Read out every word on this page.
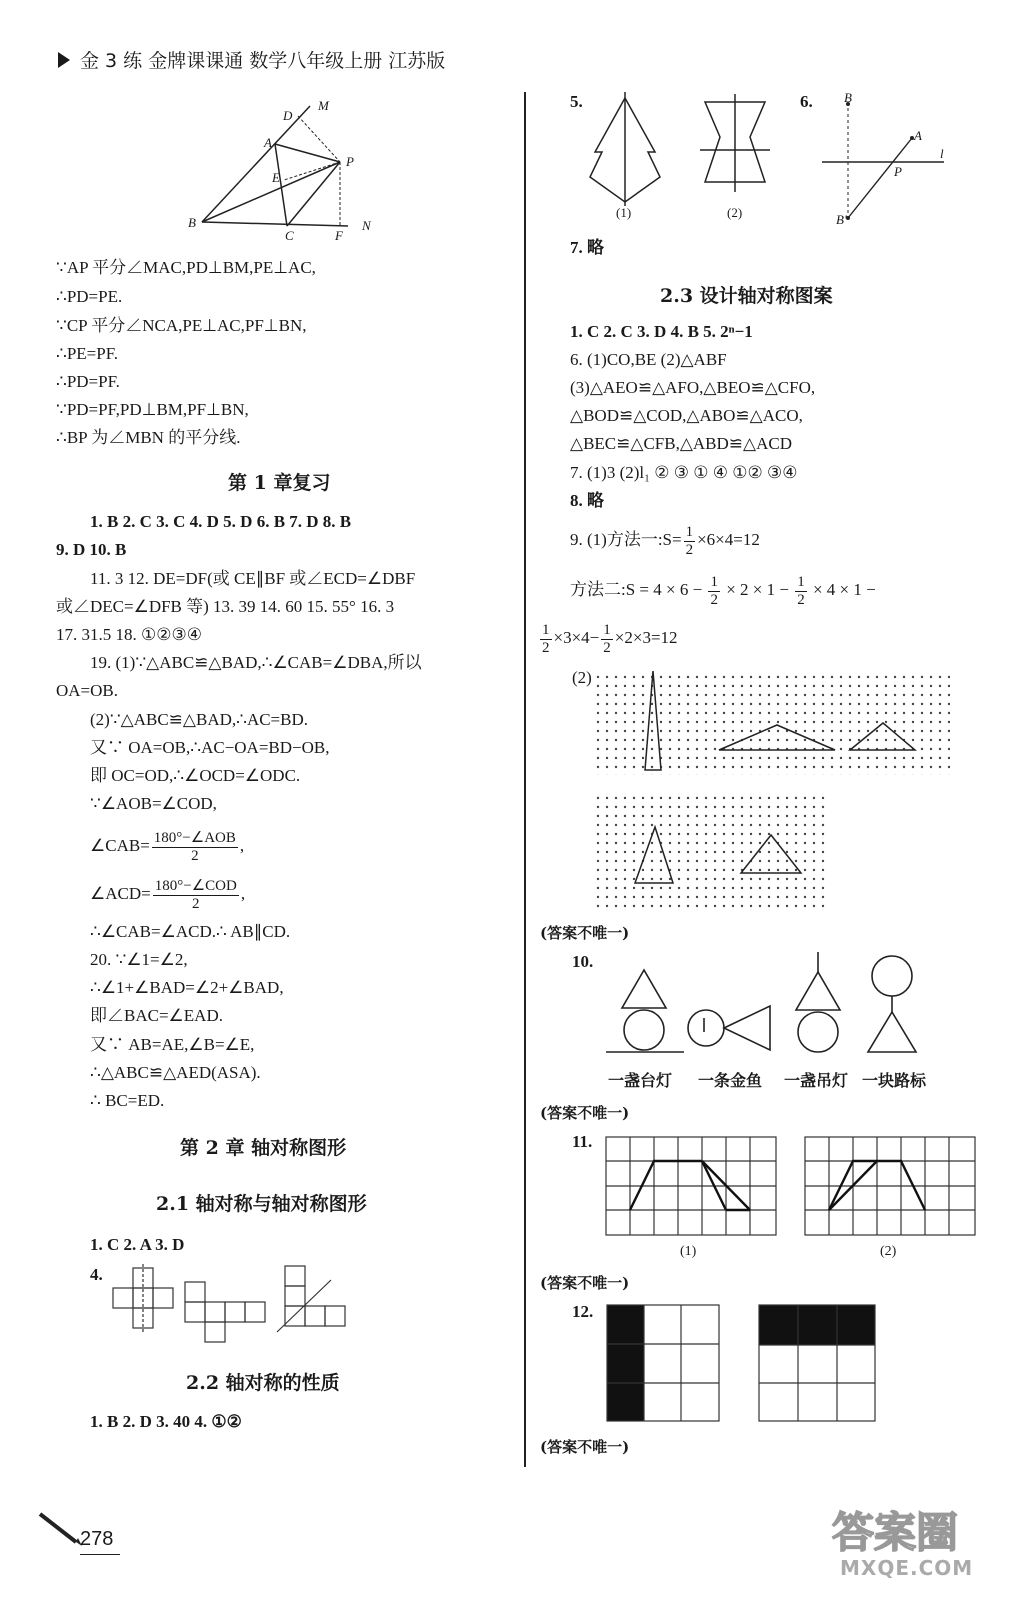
金 3 练 金牌课课通 数学八年级上册 江苏版
D
M
A
P
E
B
C	F
N
∵AP 平分∠MAC,PD⊥BM,PE⊥AC,
∴PD=PE.
∵CP 平分∠NCA,PE⊥AC,PF⊥BN,
∴PE=PF.
∴PD=PF.
∵PD=PF,PD⊥BM,PF⊥BN,
∴BP 为∠MBN 的平分线.
第 1 章复习
1. B 2. C 3. C 4. D 5. D 6. B 7. D 8. B
9. D 10. B
11. 3 12. DE=DF(或 CE∥BF 或∠ECD=∠DBF
或∠DEC=∠DFB 等) 13. 39 14. 60 15. 55° 16. 3
17. 31.5 18. ①②③④
19. (1)∵△ABC≌△BAD,∴∠CAB=∠DBA,所以
OA=OB.
(2)∵△ABC≌△BAD,∴AC=BD.
又∵ OA=OB,∴AC−OA=BD−OB,
即 OC=OD,∴∠OCD=∠ODC.
∵∠AOB=∠COD,
∠CAB= $\frac{\text{180°−∠AOB}}{2}$ ,
∠ACD= $\frac{\text{180°−∠COD}}{2}$ ,
∴∠CAB=∠ACD.∴ AB∥CD.
20. ∵∠1=∠2,
∴∠1+∠BAD=∠2+∠BAD,
即∠BAC=∠EAD.
又∵ AB=AE,∠B=∠E,
∴△ABC≌△AED(ASA).
∴ BC=ED.
第 2 章 轴对称图形
2.1 轴对称与轴对称图形
1. C 2. A 3. D
4.
2.2 轴对称的性质
1. B 2. D 3. 40 4. ①②
5.
(1)	(2)
6. B
A
P
l
B'
7. 略
2.3 设计轴对称图案
1. C 2. C 3. D 4. B 5. 2ⁿ−1
6. (1)CO,BE (2)△ABF
(3)△AEO≌△AFO,△BEO≌△CFO,
△BOD≌△COD,△ABO≌△ACO,
△BEC≌△CFB,△ABD≌△ACD
7. (1)3 (2)l₁ ② ③ ① ④ ①② ③④
8. 略
9. (1)方法一:S= $\frac{1}{2} \times 6\times 4=12$
方法二:S = $4 \times 6 - \frac{1}{2} \times 2 \times 1 - \frac{1}{2} \times 4 \times 1$ −
$\frac{1}{2} \times 3\times 4- \frac{1}{2} \times 2\times 3=12$
(2)
(答案不唯一)
10.
一盏台灯 一条金鱼 一盏吊灯 一块路标
(答案不唯一)
11.
(1)	(2)
(答案不唯一)
12.
(答案不唯一)
278	答案圈
MXQE.COM
